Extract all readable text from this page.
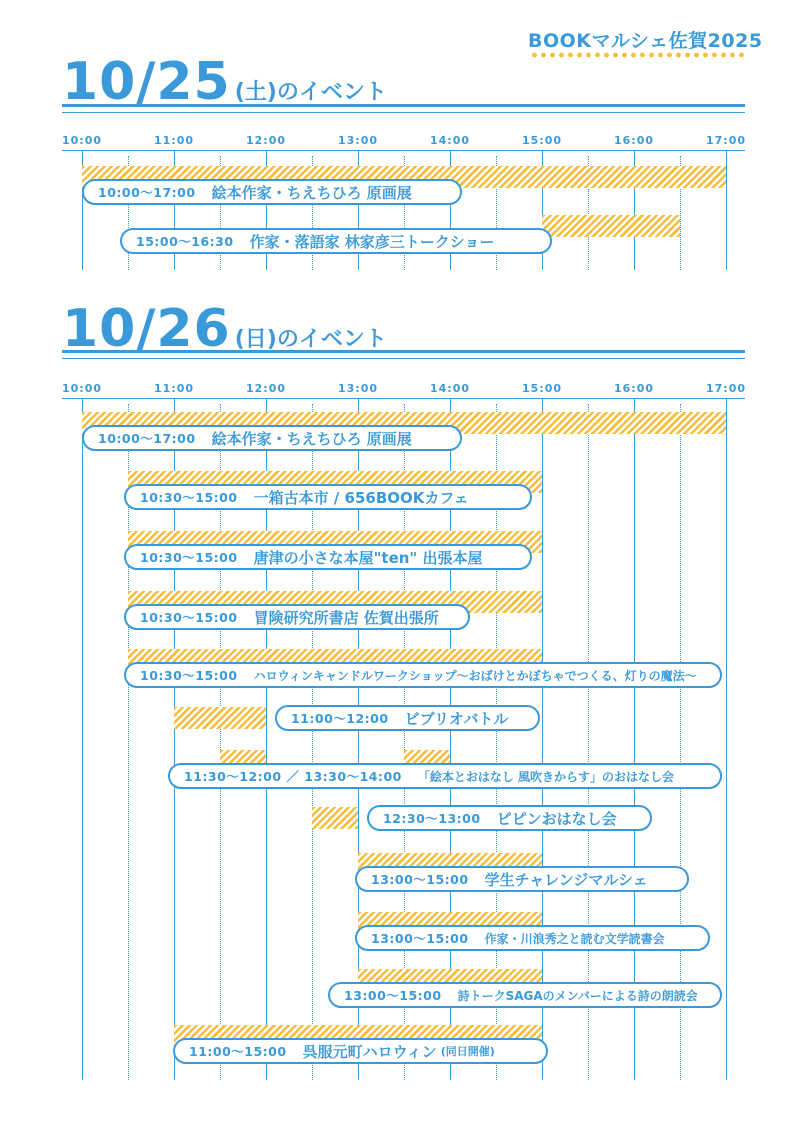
BOOKマルシェ佐賀2025
10/25 (土)のイベント
10:00	11:00	12:00	13:00	14:00	15:00	16:00	17:00
10:00〜17:00 絵本作家・ちえちひろ 原画展
15:00〜16:30 作家・落語家 林家彦三トークショー
10/26 (日)のイベント
10:00	11:00	12:00	13:00	14:00	15:00	16:00	17:00
10:00〜17:00 絵本作家・ちえちひろ 原画展
10:30〜15:00 一箱古本市 / 656BOOKカフェ
10:30〜15:00 唐津の小さな本屋"ten" 出張本屋
10:30〜15:00 冒険研究所書店 佐賀出張所
10:30〜15:00 ハロウィンキャンドルワークショップ〜おばけとかぼちゃでつくる、灯りの魔法〜
11:00〜12:00 ビブリオバトル
11:30〜12:00 ／ 13:30〜14:00 「絵本とおはなし 風吹きからす」のおはなし会
12:30〜13:00 ピピンおはなし会
13:00〜15:00 学生チャレンジマルシェ
13:00〜15:00 作家・川浪秀之と読む文学読書会
13:00〜15:00 詩トークSAGAのメンバーによる詩の朗読会
11:00〜15:00 呉服元町ハロウィン (同日開催)
